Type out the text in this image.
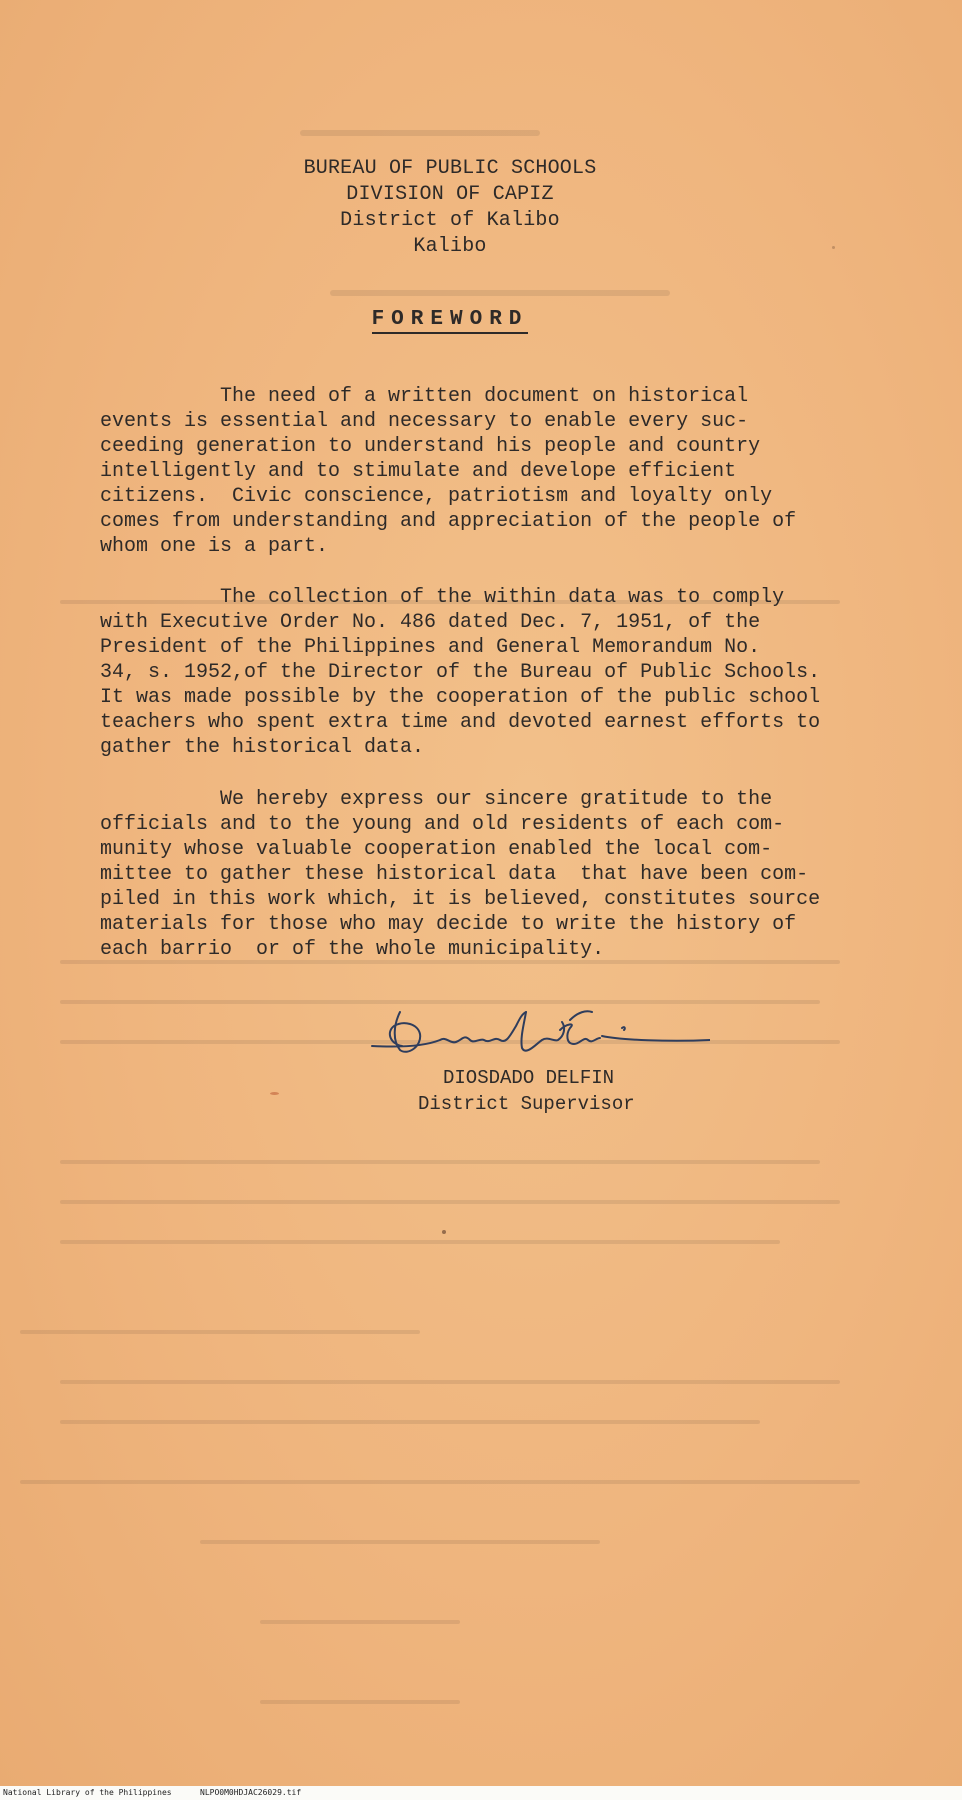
BUREAU OF PUBLIC SCHOOLS
DIVISION OF CAPIZ
District of Kalibo
Kalibo
FOREWORD

The need of a written document on historical
events is essential and necessary to enable every suc-
ceeding generation to understand his people and country
intelligently and to stimulate and develope efficient
citizens.  Civic conscience, patriotism and loyalty only
comes from understanding and appreciation of the people of
whom one is a part.

The collection of the within data was to comply
with Executive Order No. 486 dated Dec. 7, 1951, of the
President of the Philippines and General Memorandum No.
34, s. 1952,of the Director of the Bureau of Public Schools.
It was made possible by the cooperation of the public school
teachers who spent extra time and devoted earnest efforts to
gather the historical data.

We hereby express our sincere gratitude to the
officials and to the young and old residents of each com-
munity whose valuable cooperation enabled the local com-
mittee to gather these historical data  that have been com-
piled in this work which, it is believed, constitutes source
materials for those who may decide to write the history of
each barrio  or of the whole municipality.

DIOSDADO DELFIN
District Supervisor
National Library of the Philippines	NLPO0M0HDJAC26029.tif
